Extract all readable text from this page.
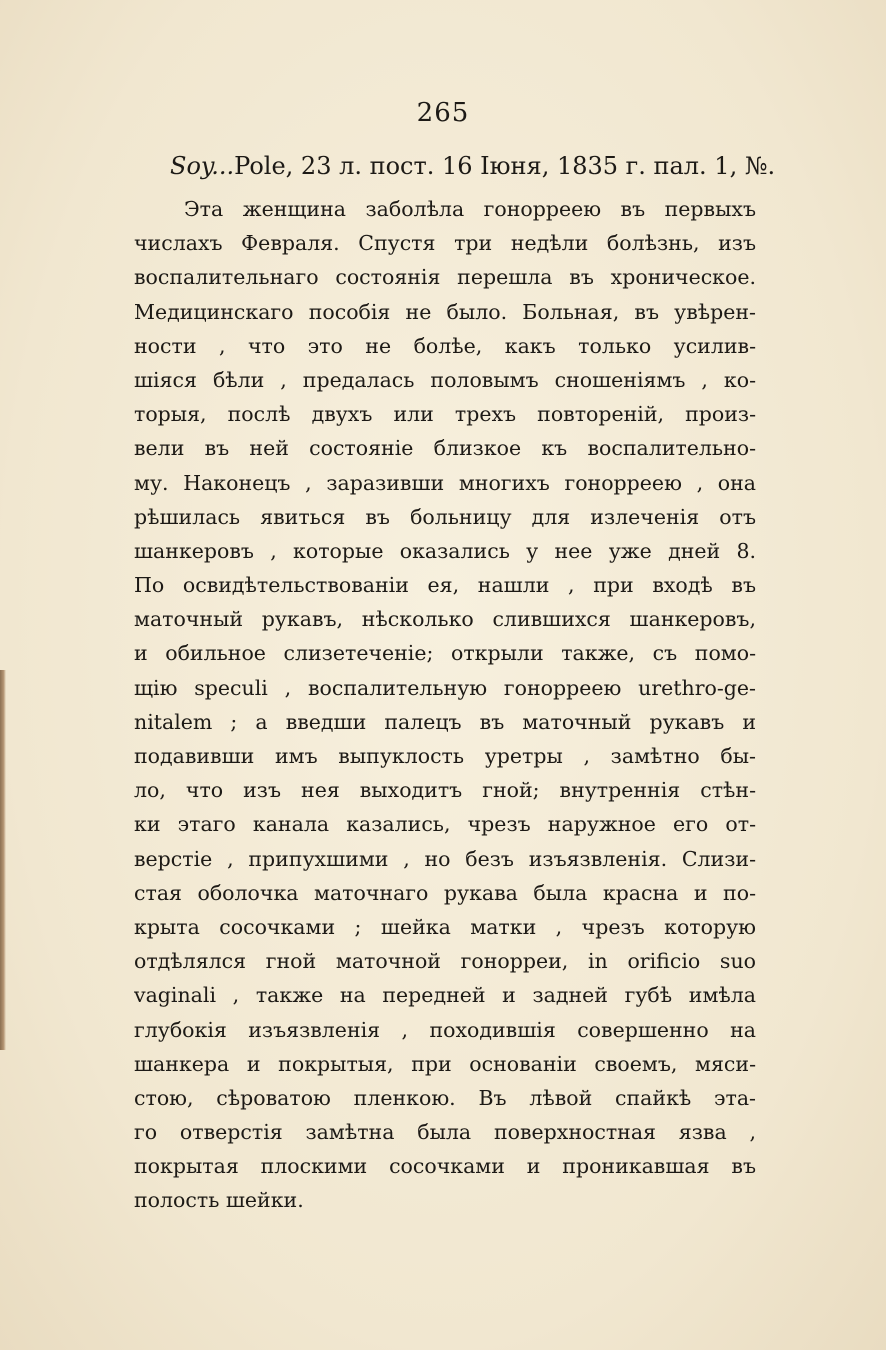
265
Soy...Pole, 23 л. пост. 16 Іюня, 1835 г. пал. 1, №.
Эта женщина заболѣла гонорреею въ первыхъ
числахъ Февраля. Спустя три недѣли болѣзнь, изъ
воспалительнаго состоянія перешла въ хроническое.
Медицинскаго пособія не было. Больная, въ увѣрен-
ности , что это не болѣе, какъ только усилив-
шіяся бѣли , предалась половымъ сношеніямъ , ко-
торыя, послѣ двухъ или трехъ повтореній, произ-
вели въ ней состояніе близкое къ воспалительно-
му. Наконецъ , заразивши многихъ гонорреею , она
рѣшилась явиться въ больницу для излеченія отъ
шанкеровъ , которые оказались у нее уже дней 8.
По освидѣтельствованіи ея, нашли , при входѣ въ
маточный рукавъ, нѣсколько слившихся шанкеровъ,
и обильное слизетеченіе; открыли также, съ помо-
щію speculi , воспалительную гонорреею urethro-ge-
nitalem ; а введши палецъ въ маточный рукавъ и
подавивши имъ выпуклость уретры , замѣтно бы-
ло, что изъ нея выходитъ гной; внутреннія стѣн-
ки этаго канала казались, чрезъ наружное его от-
верстіе , припухшими , но безъ изъязвленія. Слизи-
стая оболочка маточнаго рукава была красна и по-
крыта сосочками ; шейка матки , чрезъ которую
отдѣлялся гной маточной гонорреи, in orificio suo
vaginali , также на передней и задней губѣ имѣла
глубокія изъязвленія , походившія совершенно на
шанкера и покрытыя, при основаніи своемъ, мяси-
стою, сѣроватою пленкою. Въ лѣвой спайкѣ эта-
го отверстія замѣтна была поверхностная язва ,
покрытая плоскими сосочками и проникавшая въ
полость шейки.
